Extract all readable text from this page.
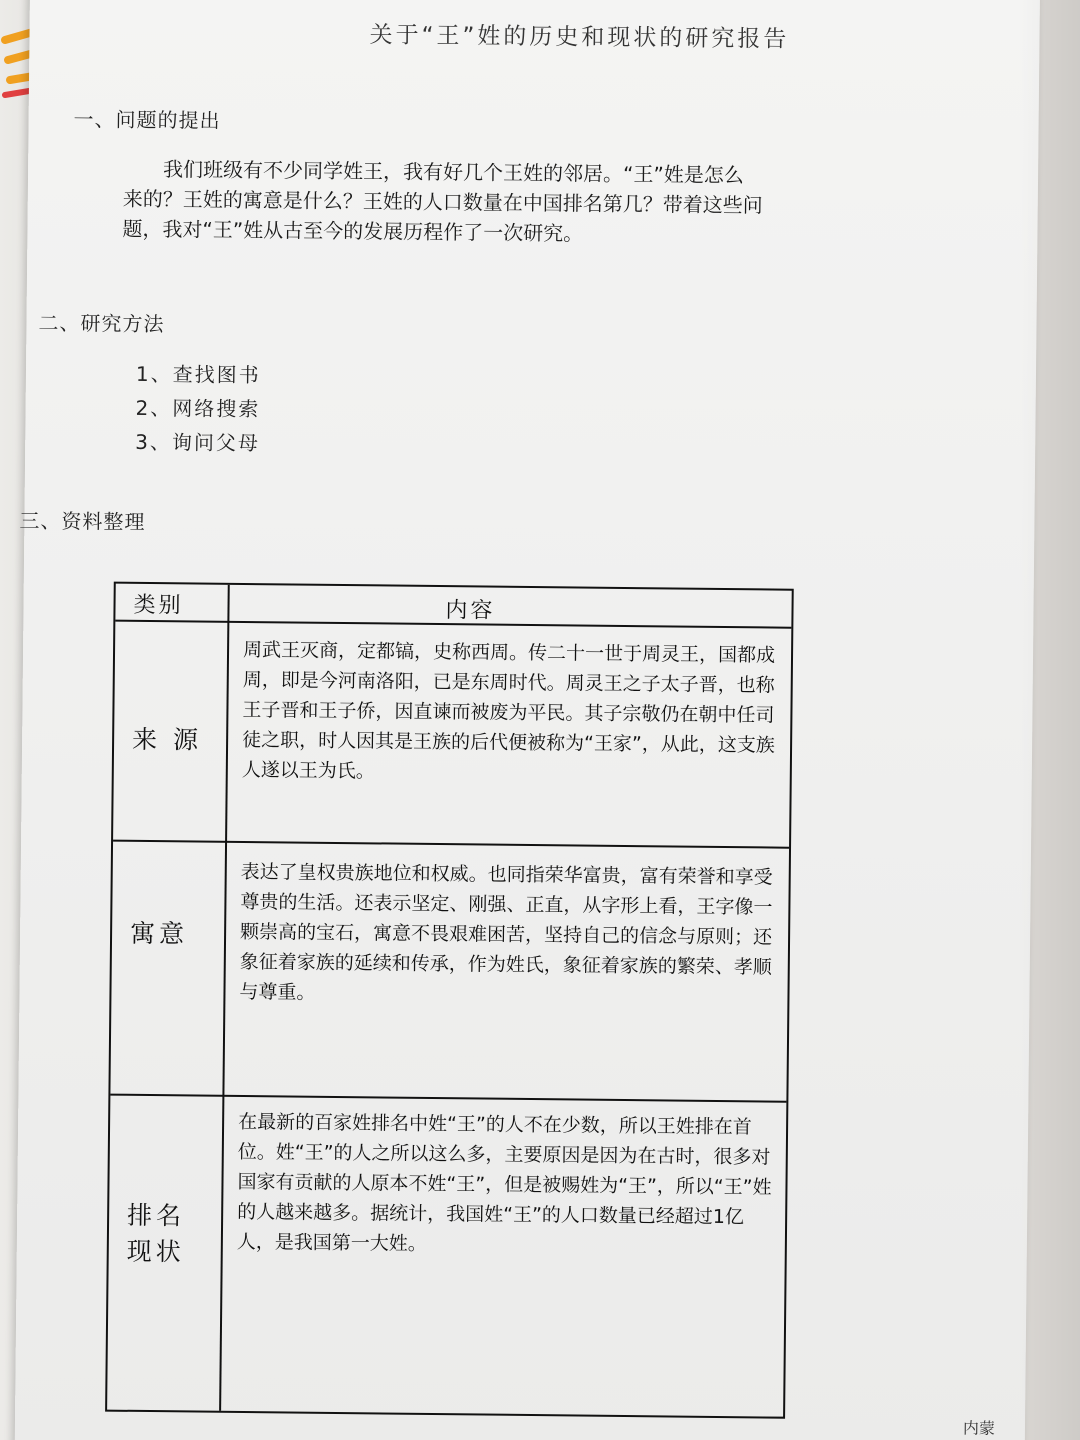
关于“王”姓的历史和现状的研究报告
一、问题的提出
我们班级有不少同学姓王，我有好几个王姓的邻居。“王”姓是怎么来的？王姓的寓意是什么？王姓的人口数量在中国排名第几？带着这些问题，我对“王”姓从古至今的发展历程作了一次研究。
二、研究方法
1、查找图书
2、网络搜索
3、询问父母
三、资料整理
类别	内容
来 源
周武王灭商，定都镐，史称西周。传二十一世于周灵王，国都成周，即是今河南洛阳，已是东周时代。周灵王之子太子晋，也称王子晋和王子侨，因直谏而被废为平民。其子宗敬仍在朝中任司徒之职，时人因其是王族的后代便被称为“王家”，从此，这支族人遂以王为氏。
寓意
表达了皇权贵族地位和权威。也同指荣华富贵，富有荣誉和享受尊贵的生活。还表示坚定、刚强、正直，从字形上看，王字像一颗崇高的宝石，寓意不畏艰难困苦，坚持自己的信念与原则；还象征着家族的延续和传承，作为姓氏，象征着家族的繁荣、孝顺与尊重。
排名
现状
在最新的百家姓排名中姓“王”的人不在少数，所以王姓排在首位。姓“王”的人之所以这么多，主要原因是因为在古时，很多对国家有贡献的人原本不姓“王”，但是被赐姓为“王”，所以“王”姓的人越来越多。据统计，我国姓“王”的人口数量已经超过1亿人，是我国第一大姓。
内蒙
